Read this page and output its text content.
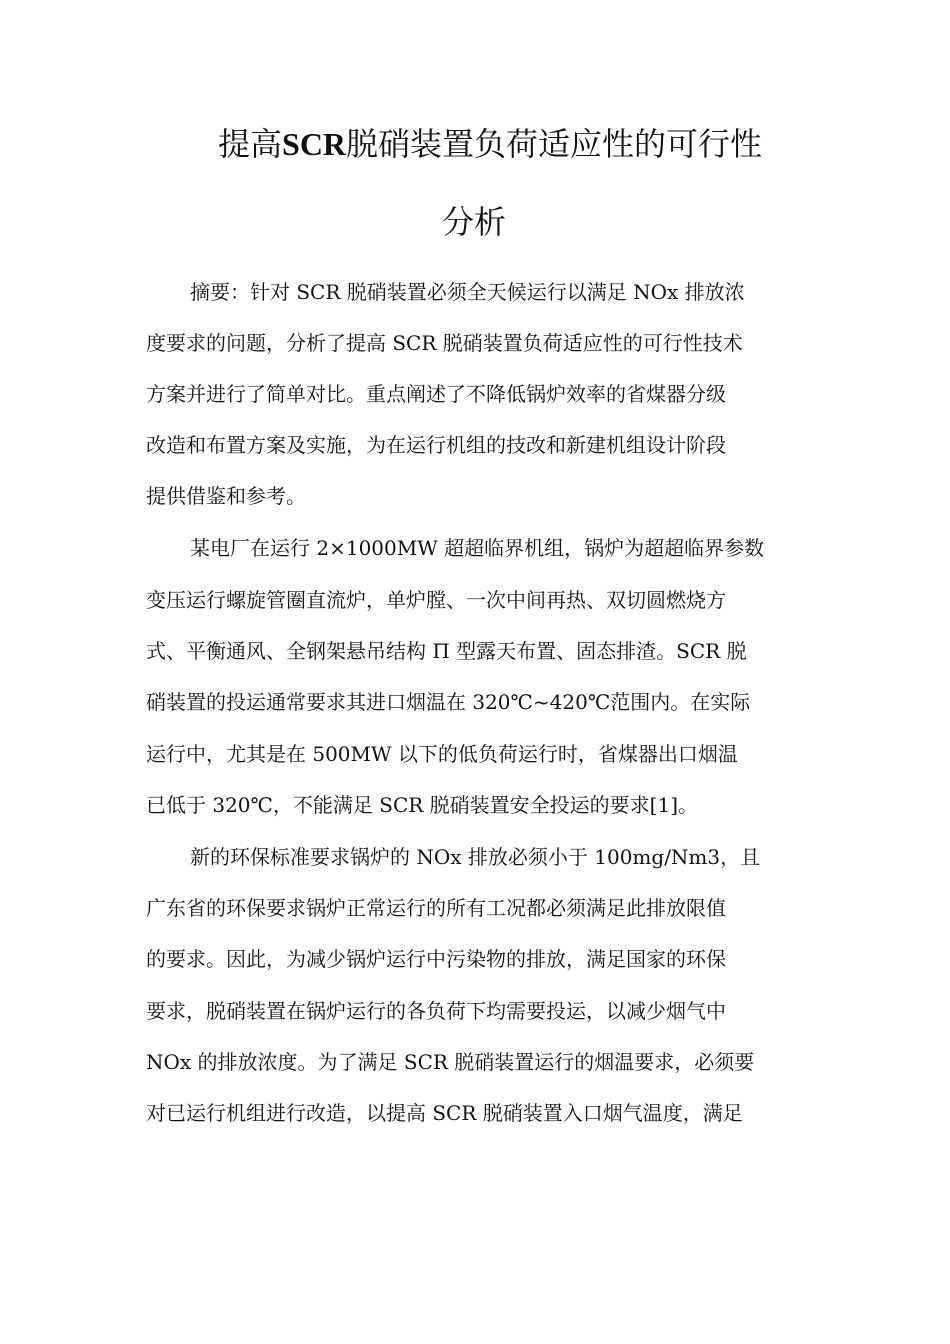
提高SCR脱硝装置负荷适应性的可行性
分析
摘要：针对 SCR 脱硝装置必须全天候运行以满足 NOx 排放浓
度要求的问题，分析了提高 SCR 脱硝装置负荷适应性的可行性技术
方案并进行了简单对比。重点阐述了不降低锅炉效率的省煤器分级
改造和布置方案及实施，为在运行机组的技改和新建机组设计阶段
提供借鉴和参考。
某电厂在运行 2×1000MW 超超临界机组，锅炉为超超临界参数
变压运行螺旋管圈直流炉，单炉膛、一次中间再热、双切圆燃烧方
式、平衡通风、全钢架悬吊结构 Π 型露天布置、固态排渣。SCR 脱
硝装置的投运通常要求其进口烟温在 320℃~420℃范围内。在实际
运行中，尤其是在 500MW 以下的低负荷运行时，省煤器出口烟温
已低于 320℃，不能满足 SCR 脱硝装置安全投运的要求[1]。
新的环保标准要求锅炉的 NOx 排放必须小于 100mg/Nm3，且
广东省的环保要求锅炉正常运行的所有工况都必须满足此排放限值
的要求。因此，为减少锅炉运行中污染物的排放，满足国家的环保
要求，脱硝装置在锅炉运行的各负荷下均需要投运，以减少烟气中
NOx 的排放浓度。为了满足 SCR 脱硝装置运行的烟温要求，必须要
对已运行机组进行改造，以提高 SCR 脱硝装置入口烟气温度，满足
